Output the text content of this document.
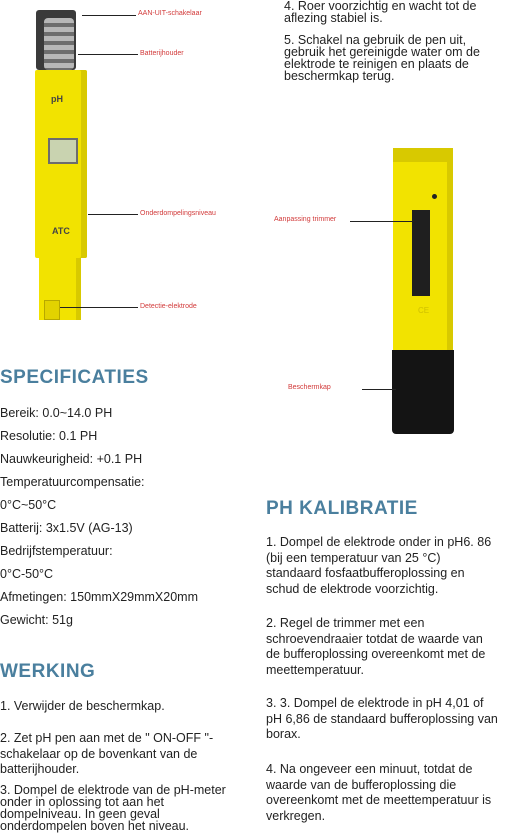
pH
ATC
AAN-UIT-schakelaar
Batterijhouder
Onderdompelingsniveau
Detectie-elektrode

4. Roer voorzichtig en wacht tot de aflezing stabiel is.

5. Schakel na gebruik de pen uit, gebruik het gereinigde water om de elektrode te reinigen en plaats de beschermkap terug.

CE
Aanpassing trimmer
Beschermkap
SPECIFICATIES
Bereik: 0.0~14.0 PH
Resolutie: 0.1 PH
Nauwkeurigheid: +0.1 PH
Temperatuurcompensatie:
0°C~50°C
Batterij: 3x1.5V (AG-13)
Bedrijfstemperatuur:
0°C-50°C
Afmetingen: 150mmX29mmX20mm
Gewicht: 51g
WERKING

1. Verwijder de beschermkap.

2. Zet pH pen aan met de " ON-OFF "-schakelaar op de bovenkant van de batterijhouder.

3. Dompel de elektrode van de pH-meter onder in oplossing tot aan het dompelniveau. In geen geval onderdompelen boven het niveau.

PH KALIBRATIE

1. Dompel de elektrode onder in pH6. 86 (bij een temperatuur van 25 °C) standaard fosfaatbufferoplossing en schud de elektrode voorzichtig.

2. Regel de trimmer met een schroevendraaier totdat de waarde van de bufferoplossing overeenkomt met de meettemperatuur.

3. 3. Dompel de elektrode in pH 4,01 of pH 6,86 de standaard bufferoplossing van borax.

4. Na ongeveer een minuut, totdat de waarde van de bufferoplossing die overeenkomt met de meettemperatuur is verkregen.
